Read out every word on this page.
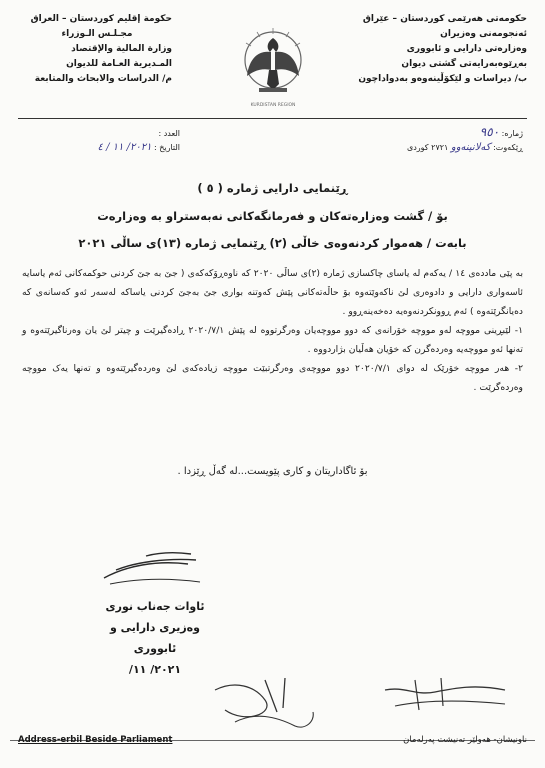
حکومەتی هەرێمی کوردستان – عێراق
ئەنجومەنی وەزیران
وەزارەتی دارایی و ئابووری
بەڕێوەبەرایەتی گشتی دیوان
ب/ دیراسات و لێکۆڵینەوەو بەدواداچون
KURDISTAN REGION
حكومة إقليم كوردستان – العراق
مجـلـس الـوزراء
وزارة المالية والإقتصاد
المـديرية العـامة للديوان
م/ الدراسات والابحاث والمتابعة
ژمارە: ٩٥٠
ڕێکەوت: کەلانینەوو ٢٧٢١ کوردی
العدد :
التاريخ : ٢٠٢١/ ١١ / ٤
ڕێنمایی دارایی ژمارە ( ٥ )
بۆ / گشت وەزارەتەکان و فەرمانگەکانی نەبەستراو بە وەزارەت
بابەت / هەموار کردنەوەی خاڵی (٢) ڕێنمایی ژمارە (١٣)ی ساڵی ٢٠٢١

بە پێی ماددەی ١٤ / یەکەم لە یاسای چاکسازی ژمارە (٢)ی ساڵی ٢٠٢٠ کە ناوەڕۆکەکەی ( جێ بە جێ کردنی حوکمەکانی ئەم یاسایە ئاسەواری دارایی و دادوەری لێ ناکەوێتەوە بۆ حاڵەتەکانی پێش کەوتنە بواری جێ بەجێ کردنی یاساکە لەسەر ئەو کەسانەی کە دەیانگرێتەوە ) ئەم ڕوونکردنەوەیە دەخەینەڕوو .

١- لێبڕینی مووچە لەو مووچە خۆرانەی کە دوو مووچەیان وەرگرتووە لە پێش ٢٠٢٠/٧/١ ڕادەگیرێت و چیتر لێ یان وەرناگیرێتەوە و تەنها ئەو مووچەیە وەردەگرن کە خۆیان هەڵیان بژاردووە .

٢- هەر مووچە خۆرێک لە دوای ٢٠٢٠/٧/١ دوو مووچەی وەرگرتبێت مووچە زیادەکەی لێ وەردەگیرێتەوە و تەنها یەک مووچە وەردەگرێت .

بۆ ئاگاداریتان و کاری پێویست...لە گەڵ ڕێزدا .
ئاوات جەناب نوری
وەزیری دارایی و ئابووری
٢٠٢١/ ١١/
Address-erbil Beside Parliament	ناونیشان- هەولێر تەنیشت پەرلەمان
